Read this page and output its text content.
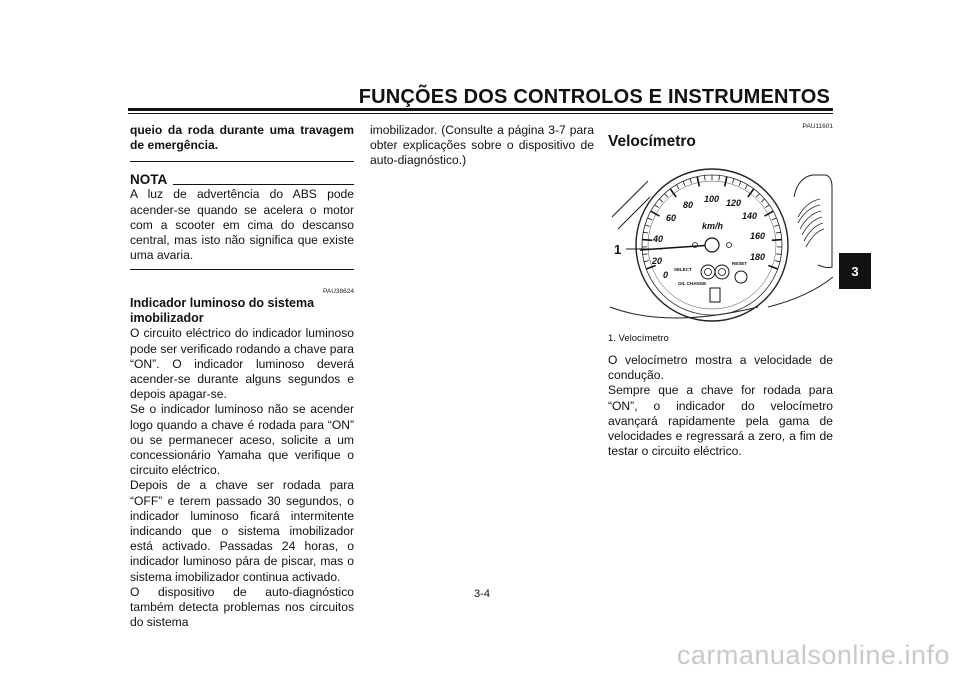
FUNÇÕES DOS CONTROLOS E INSTRUMENTOS

queio da roda durante uma travagem de emergência.

NOTA

A luz de advertência do ABS pode acender-se quando se acelera o motor com a scooter em cima do descanso central, mas isto não significa que existe uma avaria.

PAU38624

Indicador luminoso do sistema imobilizador

O circuito eléctrico do indicador luminoso pode ser verificado rodando a chave para “ON”. O indicador luminoso deverá acender-se durante alguns segundos e depois apagar-se.

Se o indicador luminoso não se acender logo quando a chave é rodada para “ON” ou se permanecer aceso, solicite a um concessionário Yamaha que verifique o circuito eléctrico.

Depois de a chave ser rodada para “OFF” e terem passado 30 segundos, o indicador luminoso ficará intermitente indicando que o sistema imobilizador está activado. Passadas 24 horas, o indicador luminoso pára de piscar, mas o sistema imobilizador continua activado.

O dispositivo de auto-diagnóstico também detecta problemas nos circuitos do sistema

imobilizador. (Consulte a página 3-7 para obter explicações sobre o dispositivo de auto-diagnóstico.)

PAU11601

Velocímetro

0
20
40
60
80
100 120
140
160
180
km/h
SELECT
RESET
OIL CHANGE
1

1. Velocímetro

O velocímetro mostra a velocidade de condução.

Sempre que a chave for rodada para “ON”, o indicador do velocímetro avançará rapidamente pela gama de velocidades e regressará a zero, a fim de testar o circuito eléctrico.

3
3-4
carmanualsonline.info
